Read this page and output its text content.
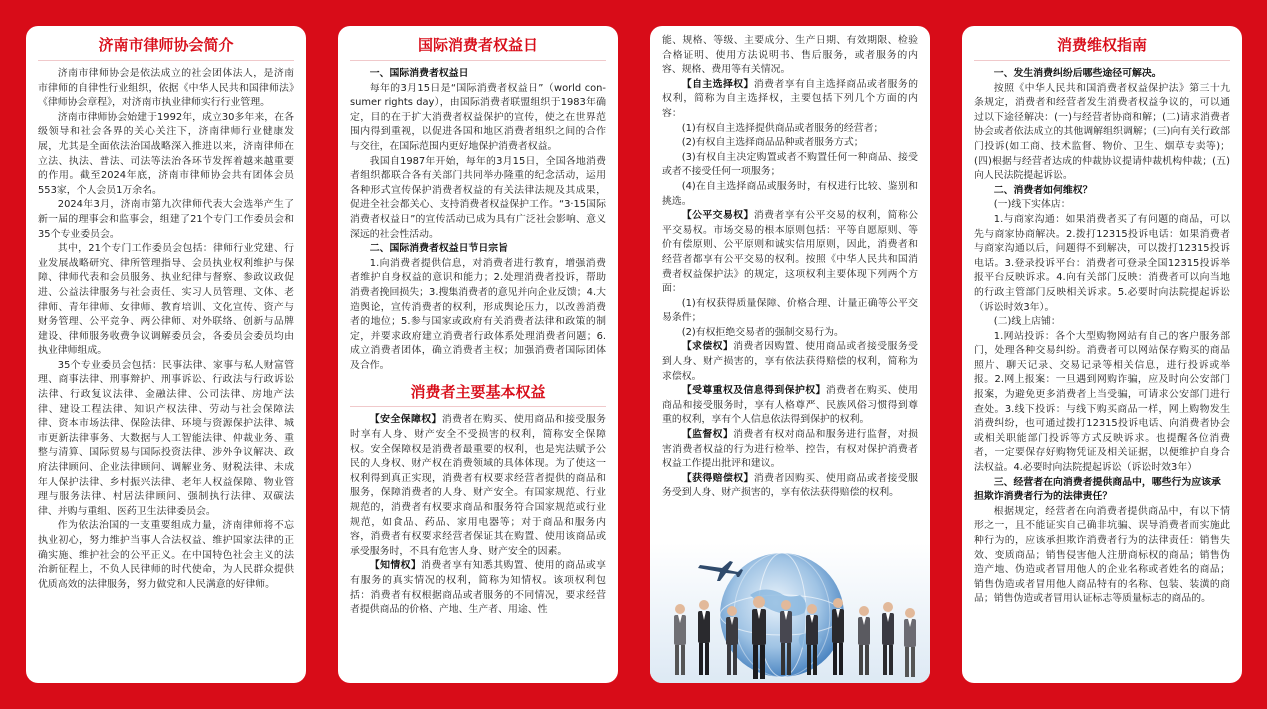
济南市律师协会简介

济南市律师协会是依法成立的社会团体法人，是济南市律师的自律性行业组织，依据《中华人民共和国律师法》《律师协会章程》，对济南市执业律师实行行业管理。

济南市律师协会始建于1992年，成立30多年来，在各级领导和社会各界的关心关注下，济南律师行业健康发展，尤其是全面依法治国战略深入推进以来，济南律师在立法、执法、普法、司法等法治各环节发挥着越来越重要的作用。截至2024年底，济南市律师协会共有团体会员553家，个人会员1万余名。

2024年3月，济南市第九次律师代表大会选举产生了新一届的理事会和监事会，组建了21个专门工作委员会和35个专业委员会。

其中，21个专门工作委员会包括：律师行业党建、行业发展战略研究、律所管理指导、会员执业权利维护与保障、律师代表和会员服务、执业纪律与督察、参政议政促进、公益法律服务与社会责任、实习人员管理、文体、老律师、青年律师、女律师、教育培训、文化宣传、资产与财务管理、公平竞争、两公律师、对外联络、创新与品牌建设、律师服务收费争议调解委员会，各委员会委员均由执业律师组成。

35个专业委员会包括：民事法律、家事与私人财富管理、商事法律、刑事辩护、刑事诉讼、行政法与行政诉讼法律、行政复议法律、金融法律、公司法律、房地产法律、建设工程法律、知识产权法律、劳动与社会保障法律、资本市场法律、保险法律、环境与资源保护法律、城市更新法律事务、大数据与人工智能法律、仲裁业务、重整与清算、国际贸易与国际投资法律、涉外争议解决、政府法律顾问、企业法律顾问、调解业务、财税法律、未成年人保护法律、乡村振兴法律、老年人权益保障、物业管理与服务法律、村居法律顾问、强制执行法律、双碳法律、并购与重组、医药卫生法律委员会。

作为依法治国的一支重要组成力量，济南律师将不忘执业初心，努力维护当事人合法权益、维护国家法律的正确实施、维护社会的公平正义。在中国特色社会主义的法治新征程上，不负人民律师的时代使命，为人民群众提供优质高效的法律服务，努力做党和人民满意的好律师。

国际消费者权益日

一、国际消费者权益日

每年的3月15日是“国际消费者权益日”（world con-sumer rights day），由国际消费者联盟组织于1983年确定，目的在于扩大消费者权益保护的宣传，使之在世界范围内得到重视，以促进各国和地区消费者组织之间的合作与交往，在国际范围内更好地保护消费者权益。

我国自1987年开始，每年的3月15日，全国各地消费者组织都联合各有关部门共同举办隆重的纪念活动，运用各种形式宣传保护消费者权益的有关法律法规及其成果，促进全社会都关心、支持消费者权益保护工作。“3·15国际消费者权益日”的宣传活动已成为具有广泛社会影响、意义深远的社会性活动。

二、国际消费者权益日节日宗旨

1.向消费者提供信息，对消费者进行教育，增强消费者维护自身权益的意识和能力；2.处理消费者投诉，帮助消费者挽回损失；3.搜集消费者的意见并向企业反馈；4.大造舆论，宣传消费者的权利，形成舆论压力，以改善消费者的地位；5.参与国家或政府有关消费者法律和政策的制定，并要求政府建立消费者行政体系处理消费者问题；6.成立消费者团体，确立消费者主权；加强消费者国际团体及合作。

消费者主要基本权益

【安全保障权】消费者在购买、使用商品和接受服务时享有人身、财产安全不受损害的权利，简称安全保障权。安全保障权是消费者最重要的权利，也是宪法赋予公民的人身权、财产权在消费领域的具体体现。为了使这一权利得到真正实现，消费者有权要求经营者提供的商品和服务，保障消费者的人身、财产安全。有国家规范、行业规范的，消费者有权要求商品和服务符合国家规范或行业规范，如食品、药品、家用电器等；对于商品和服务内容，消费者有权要求经营者保证其在购置、使用该商品或承受服务时，不具有危害人身、财产安全的因素。

【知情权】消费者享有知悉其购置、使用的商品或享有服务的真实情况的权利，简称为知情权。该项权利包括：消费者有权根据商品或者服务的不同情况，要求经营者提供商品的价格、产地、生产者、用途、性

能、规格、等级、主要成分、生产日期、有效期限、检验合格证明、使用方法说明书、售后服务，或者服务的内容、规格、费用等有关情况。

【自主选择权】消费者享有自主选择商品或者服务的权利，简称为自主选择权，主要包括下列几个方面的内容：

(1)有权自主选择提供商品或者服务的经营者；

(2)有权自主选择商品品种或者服务方式；

(3)有权自主决定购置或者不购置任何一种商品、接受或者不接受任何一项服务；

(4)在自主选择商品或服务时，有权进行比较、鉴别和挑选。

【公平交易权】消费者享有公平交易的权利，简称公平交易权。市场交易的根本原则包括：平等自愿原则、等价有偿原则、公平原则和诚实信用原则，因此，消费者和经营者都享有公平交易的权利。按照《中华人民共和国消费者权益保护法》的规定，这项权利主要体现下列两个方面：

(1)有权获得质量保障、价格合理、计量正确等公平交易条件；

(2)有权拒绝交易者的强制交易行为。

【求偿权】消费者因购置、使用商品或者接受服务受到人身、财产损害的，享有依法获得赔偿的权利，简称为求偿权。

【受尊重权及信息得到保护权】消费者在购买、使用商品和接受服务时，享有人格尊严、民族风俗习惯得到尊重的权利，享有个人信息依法得到保护的权利。

【监督权】消费者有权对商品和服务进行监督，对损害消费者权益的行为进行检举、控告，有权对保护消费者权益工作提出批评和建议。

【获得赔偿权】消费者因购买、使用商品或者接受服务受到人身、财产损害的，享有依法获得赔偿的权利。

消费维权指南

一、发生消费纠纷后哪些途径可解决。

按照《中华人民共和国消费者权益保护法》第三十九条规定，消费者和经营者发生消费者权益争议的，可以通过以下途径解决：(一)与经营者协商和解；(二)请求消费者协会或者依法成立的其他调解组织调解；(三)向有关行政部门投诉(如工商、技术监督、物价、卫生、烟草专卖等)；(四)根据与经营者达成的仲裁协议提请仲裁机构仲裁；(五)向人民法院提起诉讼。

二、消费者如何维权？

(一)线下实体店：

1.与商家沟通：如果消费者买了有问题的商品，可以先与商家协商解决。2.拨打12315投诉电话：如果消费者与商家沟通以后，问题得不到解决，可以拨打12315投诉电话。3.登录投诉平台：消费者可登录全国12315投诉举报平台反映诉求。4.向有关部门反映：消费者可以向当地的行政主管部门反映相关诉求。5.必要时向法院提起诉讼（诉讼时效3年）。

(二)线上店铺：

1.网站投诉：各个大型购物网站有自己的客户服务部门，处理各种交易纠纷。消费者可以网站保存购买的商品照片、聊天记录、交易记录等相关信息，进行投诉或举报。2.网上报案：一旦遇到网购诈骗，应及时向公安部门报案，为避免更多消费者上当受骗，可请求公安部门进行查处。3.线下投诉：与线下购买商品一样，网上购物发生消费纠纷，也可通过拨打12315投诉电话、向消费者协会或相关职能部门投诉等方式反映诉求。也提醒各位消费者，一定要保存好购物凭证及相关证据，以便维护自身合法权益。4.必要时向法院提起诉讼（诉讼时效3年）

三、经营者在向消费者提供商品中，哪些行为应该承担欺诈消费者行为的法律责任？

根据规定，经营者在向消费者提供商品中，有以下情形之一，且不能证实自己确非坑骗、误导消费者而实施此种行为的，应该承担欺诈消费者行为的法律责任：销售失效、变质商品；销售侵害他人注册商标权的商品；销售伪造产地、伪造或者冒用他人的企业名称或者姓名的商品；销售伪造或者冒用他人商品特有的名称、包装、装潢的商品；销售伪造或者冒用认证标志等质量标志的商品的。
